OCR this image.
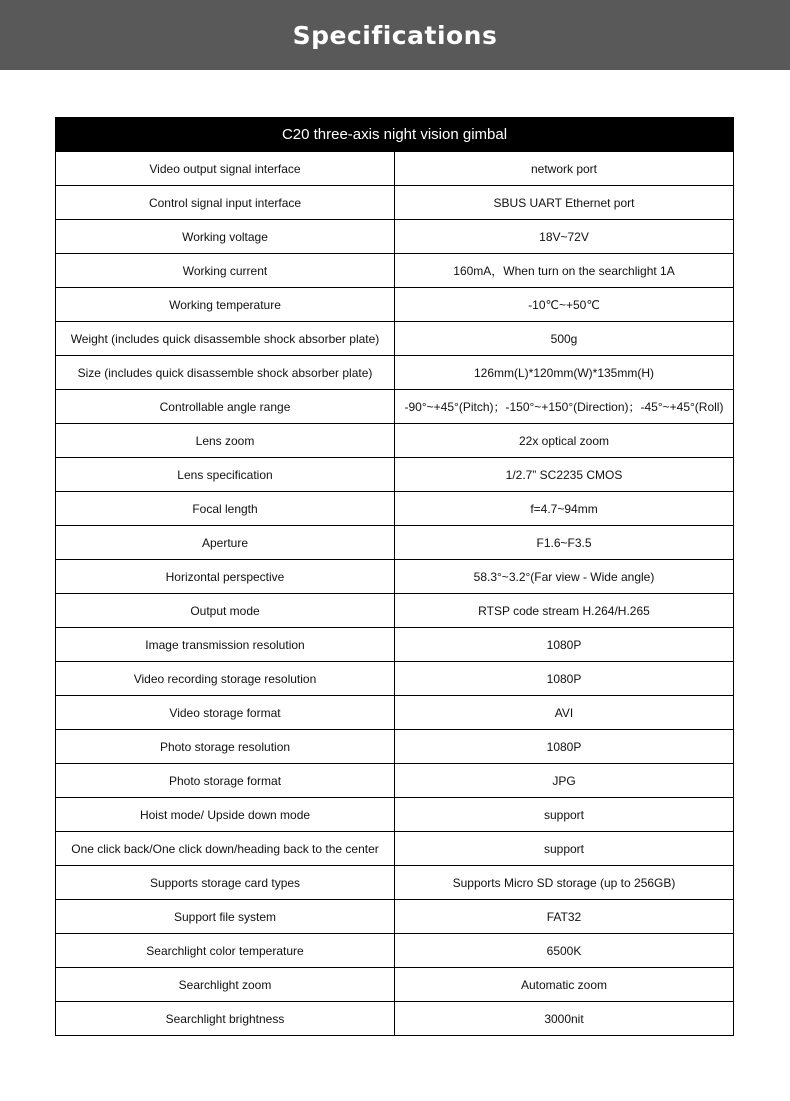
Specifications
C20 three-axis night vision gimbal	
Video output signal interface	network port
Control signal input interface	SBUS UART Ethernet port
Working voltage	18V~72V
Working current	160mA，When turn on the searchlight 1A
Working temperature	-10℃~+50℃
Weight (includes quick disassemble shock absorber plate)	500g
Size (includes quick disassemble shock absorber plate)	126mm(L)*120mm(W)*135mm(H)
Controllable angle range	-90°~+45°(Pitch)；-150°~+150°(Direction)；-45°~+45°(Roll)
Lens zoom	22x optical zoom
Lens specification	1/2.7” SC2235 CMOS
Focal length	f=4.7~94mm
Aperture	F1.6~F3.5
Horizontal perspective	58.3°~3.2°(Far view - Wide angle)
Output mode	RTSP code stream H.264/H.265
Image transmission resolution	1080P
Video recording storage resolution	1080P
Video storage format	AVI
Photo storage resolution	1080P
Photo storage format	JPG
Hoist mode/ Upside down mode	support
One click back/One click down/heading back to the center	support
Supports storage card types	Supports Micro SD storage (up to 256GB)
Support file system	FAT32
Searchlight color temperature	6500K
Searchlight zoom	Automatic zoom
Searchlight brightness	3000nit
